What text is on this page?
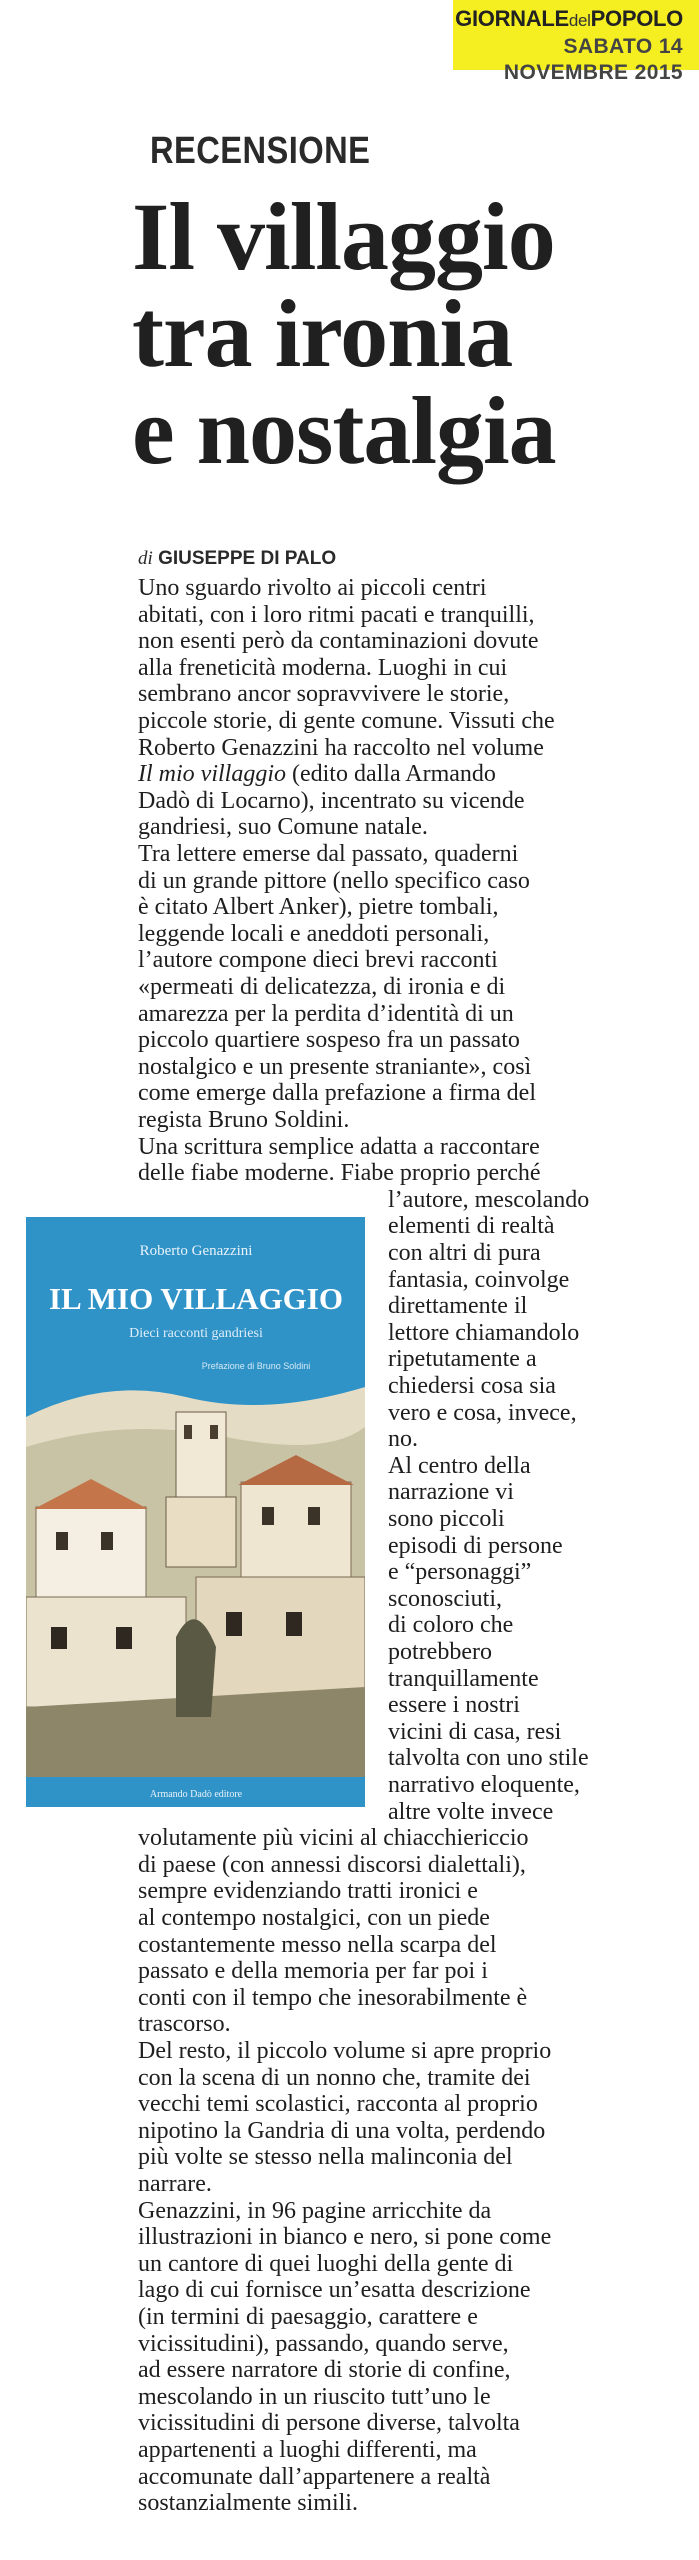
GIORNALEdelPOPOLO
SABATO 14 NOVEMBRE 2015
RECENSIONE
Il villaggio
tra ironia
e nostalgia
di GIUSEPPE DI PALO

Uno sguardo rivolto ai piccoli centri

abitati, con i loro ritmi pacati e tranquilli,

non esenti però da contaminazioni dovute

alla freneticità moderna. Luoghi in cui

sembrano ancor sopravvivere le storie,

piccole storie, di gente comune. Vissuti che

Roberto Genazzini ha raccolto nel volume

Il mio villaggio (edito dalla Armando

Dadò di Locarno), incentrato su vicende

gandriesi, suo Comune natale.

Tra lettere emerse dal passato, quaderni

di un grande pittore (nello specifico caso

è citato Albert Anker), pietre tombali,

leggende locali e aneddoti personali,

l’autore compone dieci brevi racconti

«permeati di delicatezza, di ironia e di

amarezza per la perdita d’identità di un

piccolo quartiere sospeso fra un passato

nostalgico e un presente straniante», così

come emerge dalla prefazione a firma del

regista Bruno Soldini.

Una scrittura semplice adatta a raccontare

delle fiabe moderne. Fiabe proprio perché

l’autore, mescolando

elementi di realtà

con altri di pura

fantasia, coinvolge

direttamente il

lettore chiamandolo

ripetutamente a

chiedersi cosa sia

vero e cosa, invece,

no.

Al centro della

narrazione vi

sono piccoli

episodi di persone

e “personaggi”

sconosciuti,

di coloro che

potrebbero

tranquillamente

essere i nostri

vicini di casa, resi

talvolta con uno stile

narrativo eloquente,

altre volte invece

volutamente più vicini al chiacchiericcio

di paese (con annessi discorsi dialettali),

sempre evidenziando tratti ironici e

al contempo nostalgici, con un piede

costantemente messo nella scarpa del

passato e della memoria per far poi i

conti con il tempo che inesorabilmente è

trascorso.

Del resto, il piccolo volume si apre proprio

con la scena di un nonno che, tramite dei

vecchi temi scolastici, racconta al proprio

nipotino la Gandria di una volta, perdendo

più volte se stesso nella malinconia del

narrare.

Genazzini, in 96 pagine arricchite da

illustrazioni in bianco e nero, si pone come

un cantore di quei luoghi della gente di

lago di cui fornisce un’esatta descrizione

(in termini di paesaggio, carattere e

vicissitudini), passando, quando serve,

ad essere narratore di storie di confine,

mescolando in un riuscito tutt’uno le

vicissitudini di persone diverse, talvolta

appartenenti a luoghi differenti, ma

accomunate dall’appartenere a realtà

sostanzialmente simili.

Roberto Genazzini
IL MIO VILLAGGIO
Dieci racconti gandriesi
Prefazione di Bruno Soldini
Armando Dadò editore
